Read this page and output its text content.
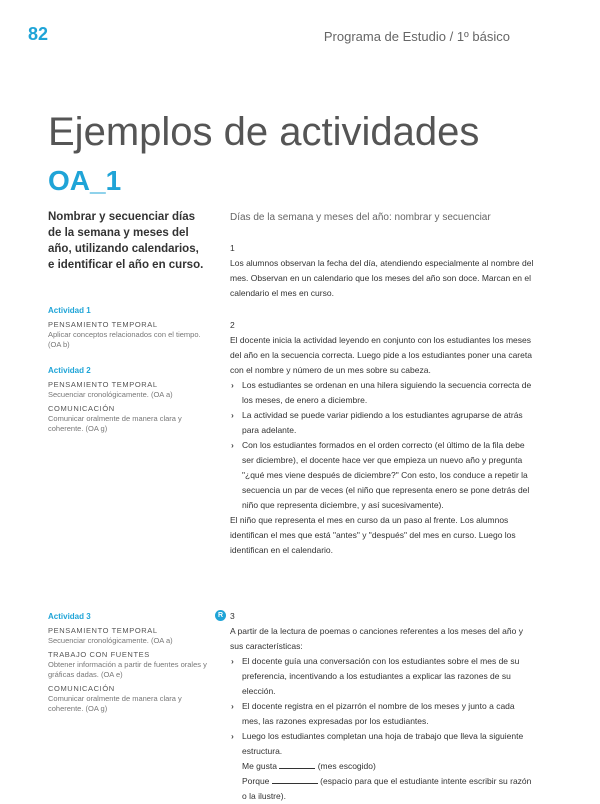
82	Programa de Estudio / 1º básico
Ejemplos de actividades
OA_1

Nombrar y secuenciar días de la semana y meses del año, utilizando calendarios, e identificar el año en curso.

Actividad 1

PENSAMIENTO TEMPORAL

Aplicar conceptos relacionados con el tiempo. (OA b)

Actividad 2

PENSAMIENTO TEMPORAL

Secuenciar cronológicamente. (OA a)

COMUNICACIÓN

Comunicar oralmente de manera clara y coherente. (OA g)

Actividad 3

PENSAMIENTO TEMPORAL

Secuenciar cronológicamente. (OA a)

TRABAJO CON FUENTES

Obtener información a partir de fuentes orales y gráficas dadas. (OA e)

COMUNICACIÓN

Comunicar oralmente de manera clara y coherente. (OA g)

Días de la semana y meses del año: nombrar y secuenciar

1

Los alumnos observan la fecha del día, atendiendo especialmente al nombre del mes. Observan en un calendario que los meses del año son doce. Marcan en el calendario el mes en curso.

2

El docente inicia la actividad leyendo en conjunto con los estudiantes los meses del año en la secuencia correcta. Luego pide a los estudiantes poner una careta con el nombre y número de un mes sobre su cabeza.

› Los estudiantes se ordenan en una hilera siguiendo la secuencia correcta de los meses, de enero a diciembre.
› La actividad se puede variar pidiendo a los estudiantes agruparse de atrás para adelante.
› Con los estudiantes formados en el orden correcto (el último de la fila debe ser diciembre), el docente hace ver que empieza un nuevo año y pregunta "¿qué mes viene después de diciembre?" Con esto, los conduce a repetir la secuencia un par de veces (el niño que representa enero se pone detrás del niño que representa diciembre, y así sucesivamente).

El niño que representa el mes en curso da un paso al frente. Los alumnos identifican el mes que está "antes" y "después" del mes en curso. Luego los identifican en el calendario.

R 3

A partir de la lectura de poemas o canciones referentes a los meses del año y sus características:

› El docente guía una conversación con los estudiantes sobre el mes de su preferencia, incentivando a los estudiantes a explicar las razones de su elección.
› El docente registra en el pizarrón el nombre de los meses y junto a cada mes, las razones expresadas por los estudiantes.
› Luego los estudiantes completan una hoja de trabajo que lleva la siguiente estructura.

Me gusta	(mes escogido)

Porque	(espacio para que el estudiante intente escribir su razón o la ilustre).
